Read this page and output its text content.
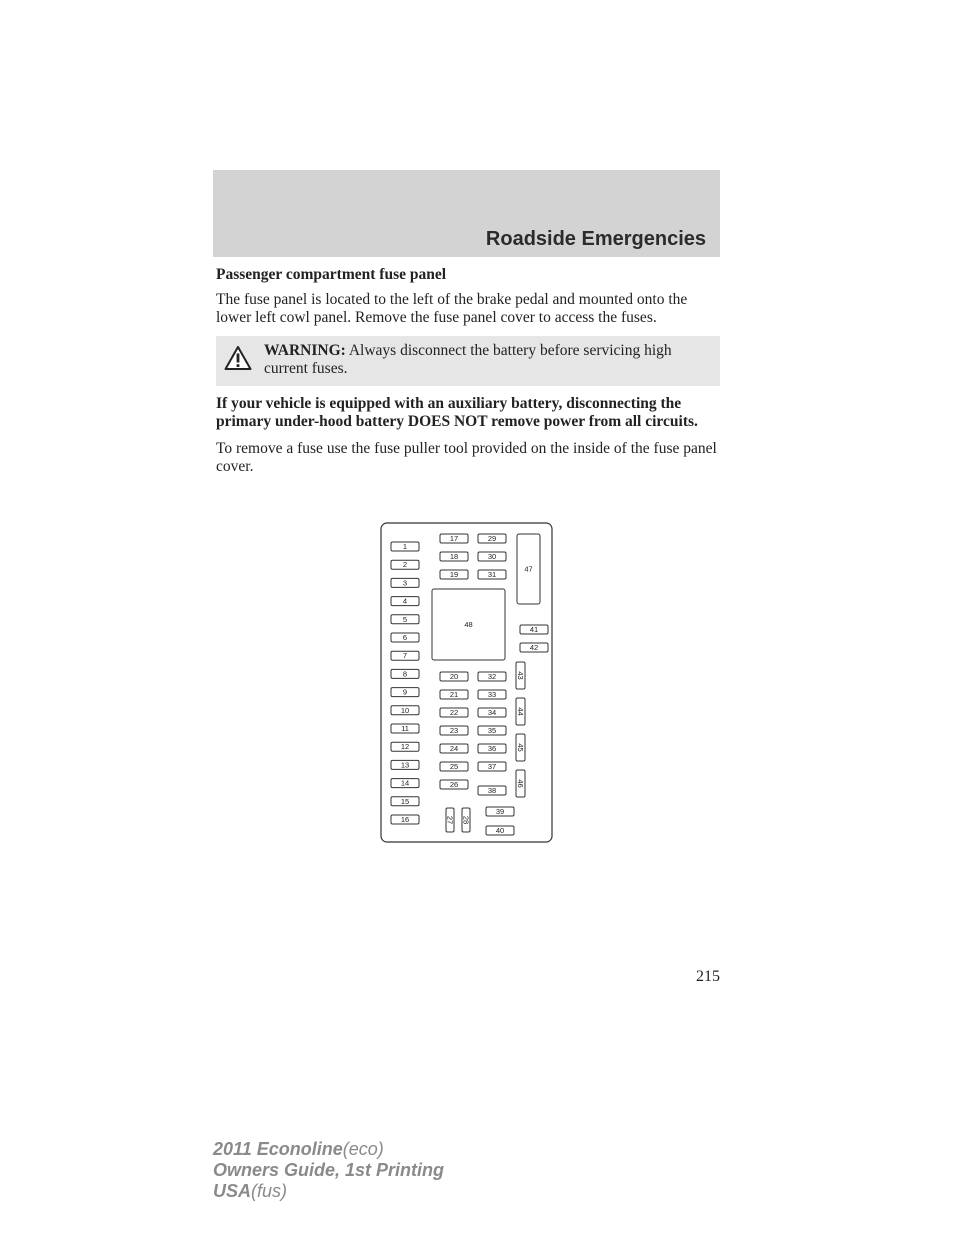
Roadside Emergencies

Passenger compartment fuse panel

The fuse panel is located to the left of the brake pedal and mounted onto the lower left cowl panel. Remove the fuse panel cover to access the fuses.

WARNING: Always disconnect the battery before servicing high current fuses.

If your vehicle is equipped with an auxiliary battery, disconnecting the primary under-hood battery DOES NOT remove power from all circuits.

To remove a fuse use the fuse puller tool provided on the inside of the fuse panel cover.

1
2
3
4
5
6
7
8
9
10
11
12
13
14
15
16
17
18
19
29
30
31
20
21
22
23
24
25
26
32
33
34
35
36
37
38
39
40
27 28
41
42
43
44
45
46
47
48
215
2011 Econoline(eco)
Owners Guide, 1st Printing
USA(fus)
